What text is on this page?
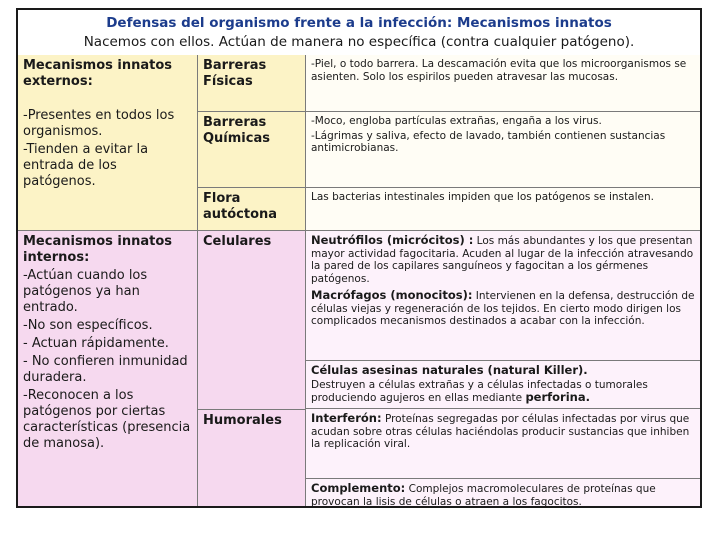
Defensas del organismo frente a la infección: Mecanismos innatos
Nacemos con ellos. Actúan de manera no específica (contra cualquier patógeno).
Mecanismos innatos externos:
-Presentes en todos los organismos.
-Tienden a evitar la entrada de los patógenos.
Barreras Físicas
-Piel, o todo barrera. La descamación evita que los microorganismos se asienten. Solo los espirilos pueden atravesar las mucosas.
Barreras Químicas
-Moco, engloba partículas extrañas, engaña a los virus.
-Lágrimas y saliva, efecto de lavado, también contienen sustancias antimicrobianas.
Flora autóctona
Las bacterias intestinales impiden que los patógenos se instalen.
Mecanismos innatos internos:
-Actúan cuando los patógenos ya han entrado.
-No son específicos.
- Actuan rápidamente.
- No confieren inmunidad duradera.
-Reconocen a los patógenos por ciertas características (presencia de manosa).
Celulares	Neutrófilos (micrócitos) : Los más abundantes y los que presentan mayor actividad fagocitaria. Acuden al lugar de la infección atravesando la pared de los capilares sanguíneos y fagocitan a los gérmenes patógenos.
Macrófagos (monocitos): Intervienen en la defensa, destrucción de células viejas y regeneración de los tejidos. En cierto modo dirigen los complicados mecanismos destinados a acabar con la infección.
Células asesinas naturales (natural Killer).
Destruyen a células extrañas y a células infectadas o tumorales produciendo agujeros en ellas mediante perforina.
Humorales	Interferón: Proteínas segregadas por células infectadas por virus que acudan sobre otras células haciéndolas producir sustancias que inhiben la replicación viral.
Complemento: Complejos macromoleculares de proteínas que provocan la lisis de células o atraen a los fagocitos.
